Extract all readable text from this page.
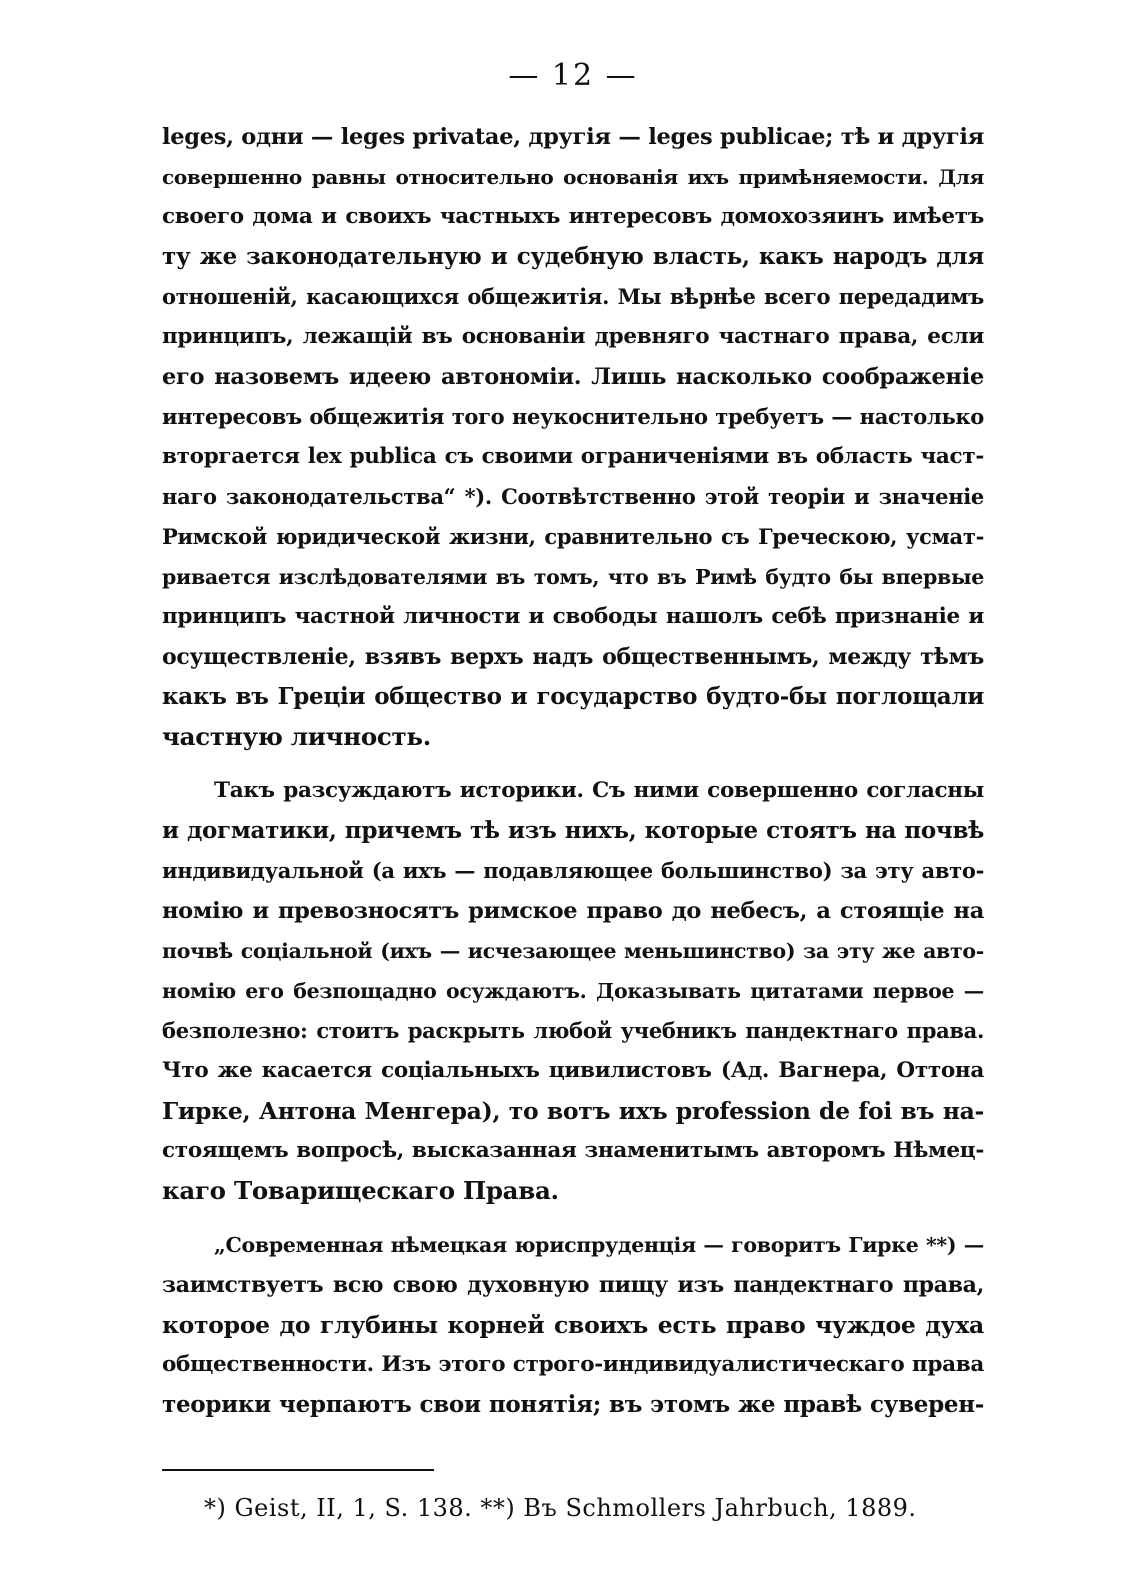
— 12 —
leges, одни — leges privatae, другія — leges publicae; тѣ и другія
совершенно равны относительно основанія ихъ примѣняемости. Для
своего дома и своихъ частныхъ интересовъ домохозяинъ имѣетъ
ту же законодательную и судебную власть, какъ народъ для
отношеній, касающихся общежитія. Мы вѣрнѣе всего передадимъ
принципъ, лежащій въ основаніи древняго частнаго права, если
его назовемъ идеею автономіи. Лишь насколько соображеніе
интересовъ общежитія того неукоснительно требуетъ — настолько
вторгается lex publica съ своими ограниченіями въ область част-
наго законодательства“ *). Соотвѣтственно этой теоріи и значеніе
Римской юридической жизни, сравнительно съ Греческою, усмат-
ривается изслѣдователями въ томъ, что въ Римѣ будто бы впервые
принципъ частной личности и свободы нашолъ себѣ признаніе и
осуществленіе, взявъ верхъ надъ общественнымъ, между тѣмъ
какъ въ Греціи общество и государство будто-бы поглощали
частную личность.
Такъ разсуждаютъ историки. Съ ними совершенно согласны
и догматики, причемъ тѣ изъ нихъ, которые стоятъ на почвѣ
индивидуальной (а ихъ — подавляющее большинство) за эту авто-
номію и превозносятъ римское право до небесъ, а стоящіе на
почвѣ соціальной (ихъ — исчезающее меньшинство) за эту же авто-
номію его безпощадно осуждаютъ. Доказывать цитатами первое —
безполезно: стоитъ раскрыть любой учебникъ пандектнаго права.
Что же касается соціальныхъ цивилистовъ (Ад. Вагнера, Оттона
Гирке, Антона Менгера), то вотъ ихъ profession de foi въ на-
стоящемъ вопросѣ, высказанная знаменитымъ авторомъ Нѣмец-
каго Товарищескаго Права.
„Современная нѣмецкая юриспруденція — говоритъ Гирке **) —
заимствуетъ всю свою духовную пищу изъ пандектнаго права,
которое до глубины корней своихъ есть право чуждое духа
общественности. Изъ этого строго-индивидуалистическаго права
теорики черпаютъ свои понятія; въ этомъ же правѣ суверен-
*) Geist, II, 1, S. 138. **) Въ Schmollers Jahrbuch, 1889.
